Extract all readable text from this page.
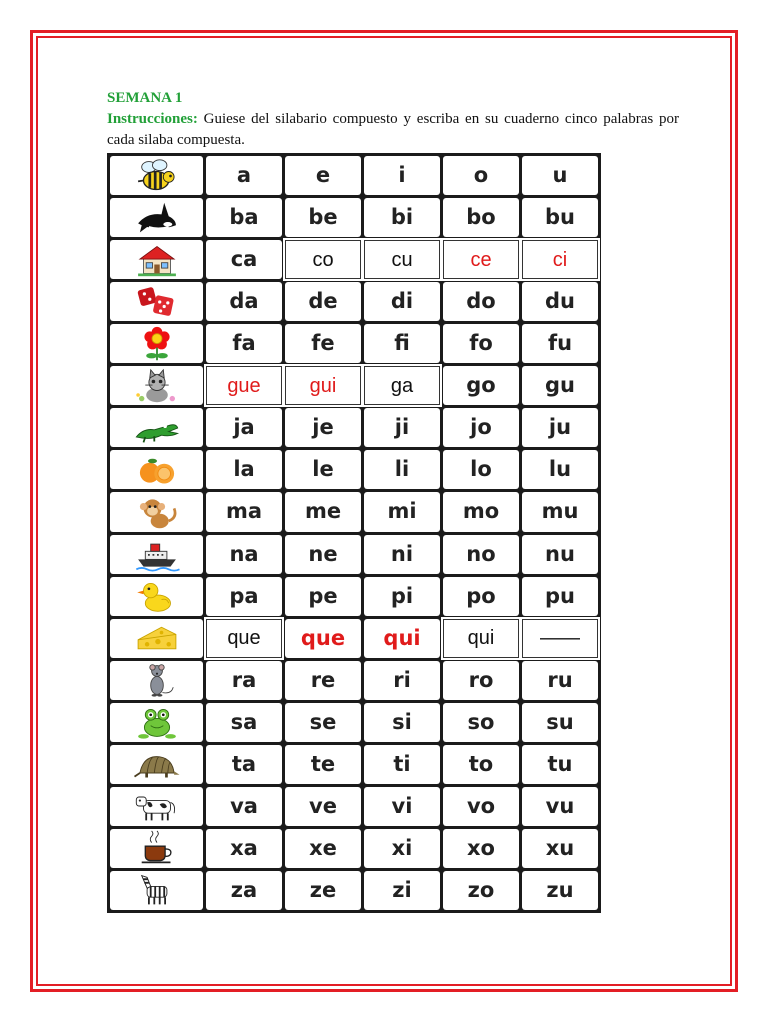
SEMANA 1

Instrucciones: Guiese del silabario compuesto y escriba en su cuaderno cinco palabras por cada silaba compuesta.

a	e	i	o	u
ba	be	bi	bo	bu
ca	co	cu	ce	ci
da	de	di	do	du
fa	fe	fi	fo	fu
gue	gui	ga	go	gu
ja	je	ji	jo	ju
la	le	li	lo	lu
ma	me	mi	mo	mu
na	ne	ni	no	nu
pa	pe	pi	po	pu
que	que	qui	qui	——
ra	re	ri	ro	ru
sa	se	si	so	su
ta	te	ti	to	tu
va	ve	vi	vo	vu
xa	xe	xi	xo	xu
za	ze	zi	zo	zu
